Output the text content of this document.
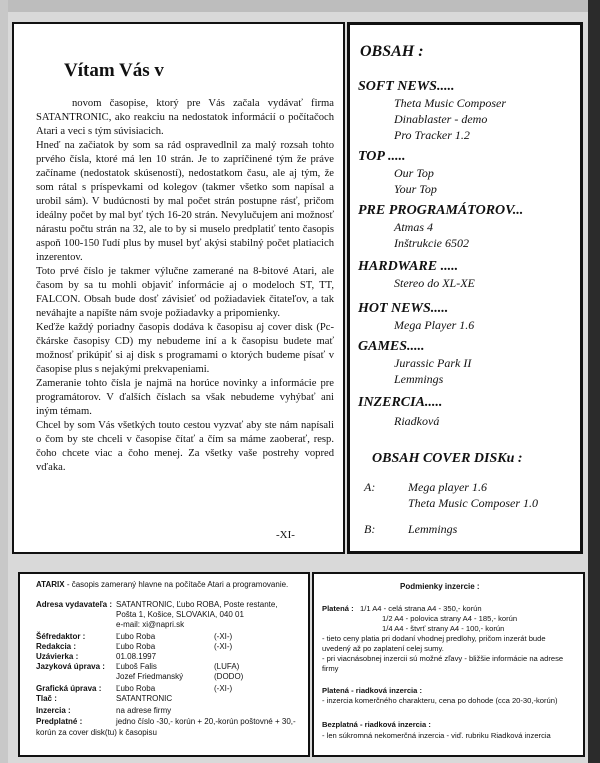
Vítam Vás v

novom časopise, ktorý pre Vás začala vydávať firma SATANTRONIC, ako reakciu na nedostatok informácií o počítačoch Atari a veci s tým súvisiacich.

Hneď na začiatok by som sa rád ospravedlnil za malý rozsah tohto prvého čísla, ktoré má len 10 strán. Je to zapríčinené tým že práve začíname (nedostatok skúseností), nedostatkom času, ale aj tým, že som rátal s príspevkami od kolegov (takmer všetko som napísal a urobil sám). V budúcnosti by mal počet strán postupne rásť, pričom ideálny počet by mal byť tých 16-20 strán. Nevylučujem ani možnosť nárastu počtu strán na 32, ale to by si muselo predplatiť tento časopis aspoň 100-150 ľudí plus by musel byť akýsi stabilný počet platiacich inzerentov.

Toto prvé číslo je takmer výlučne zamerané na 8-bitové Atari, ale časom by sa tu mohli objaviť informácie aj o modeloch ST, TT, FALCON. Obsah bude dosť závisieť od požiadaviek čitateľov, a tak neváhajte a napíšte nám svoje požiadavky a pripomienky.

Keďže každý poriadny časopis dodáva k časopisu aj cover disk (Pc-čkárske časopisy CD) my nebudeme iní a k časopisu budete mať možnosť prikúpiť si aj disk s programami o ktorých budeme písať v časopise plus s nejakými prekvapeniami.

Zameranie tohto čísla je najmä na horúce novinky a informácie pre programátorov. V ďalších číslach sa však nebudeme vyhýbať ani iným témam.

Chcel by som Vás všetkých touto cestou vyzvať aby ste nám napísali o čom by ste chceli v časopise čítať a čím sa máme zaoberať, resp. čoho chcete viac a čoho menej. Za všetky vaše postrehy vopred vďaka.

-XI-
OBSAH :
SOFT NEWS.....
Theta Music Composer
Dinablaster - demo
Pro Tracker 1.2
TOP .....
Our Top
Your Top
PRE PROGRAMÁTOROV...
Atmas 4
Inštrukcie 6502
HARDWARE .....
Stereo do XL-XE
HOT NEWS.....
Mega Player 1.6
GAMES.....
Jurassic Park II
Lemmings
INZERCIA.....
Riadková
OBSAH COVER DISKu :
A:	Mega player 1.6
Theta Music Composer 1.0
B:	Lemmings
ATARIX - časopis zameraný hlavne na počítače Atari a programovanie.
Adresa vydavateľa : SATANTRONIC, Ľubo ROBA, Poste restante,
Pošta 1, Košice, SLOVAKIA, 040 01
e-mail: xi@napri.sk
Šéfredaktor :	Ľubo Roba	(-XI-)
Redakcia :	Ľubo Roba	(-XI-)
Uzávierka :	01.08.1997
Jazyková úprava : Ľuboš Falis	(LUFA)
Jozef Friedmanský	(DODO)
Grafická úprava : Ľubo Roba	(-XI-)
Tlač :	SATANTRONIC
Inzercia :	na adrese firmy
Predplatné :	jedno číslo -30,- korún + 20,-korún poštovné + 30,-
korún za cover disk(tu) k časopisu
Podmienky inzercie :
Platená : 1/1 A4 - celá strana A4 - 350,- korún
1/2 A4 - polovica strany A4 - 185,- korún
1/4 A4 - štvrť strany A4 - 100,- korún
- tieto ceny platia pri dodaní vhodnej predlohy, pričom inzerát bude
uvedený až po zaplatení celej sumy.
- pri viacnásobnej inzercii sú možné zľavy - bližšie informácie na adrese
firmy
Platená - riadková inzercia :
- inzercia komerčného charakteru, cena po dohode (cca 20-30,-korún)
Bezplatná - riadková inzercia :
- len súkromná nekomerčná inzercia - viď. rubriku Riadková inzercia
